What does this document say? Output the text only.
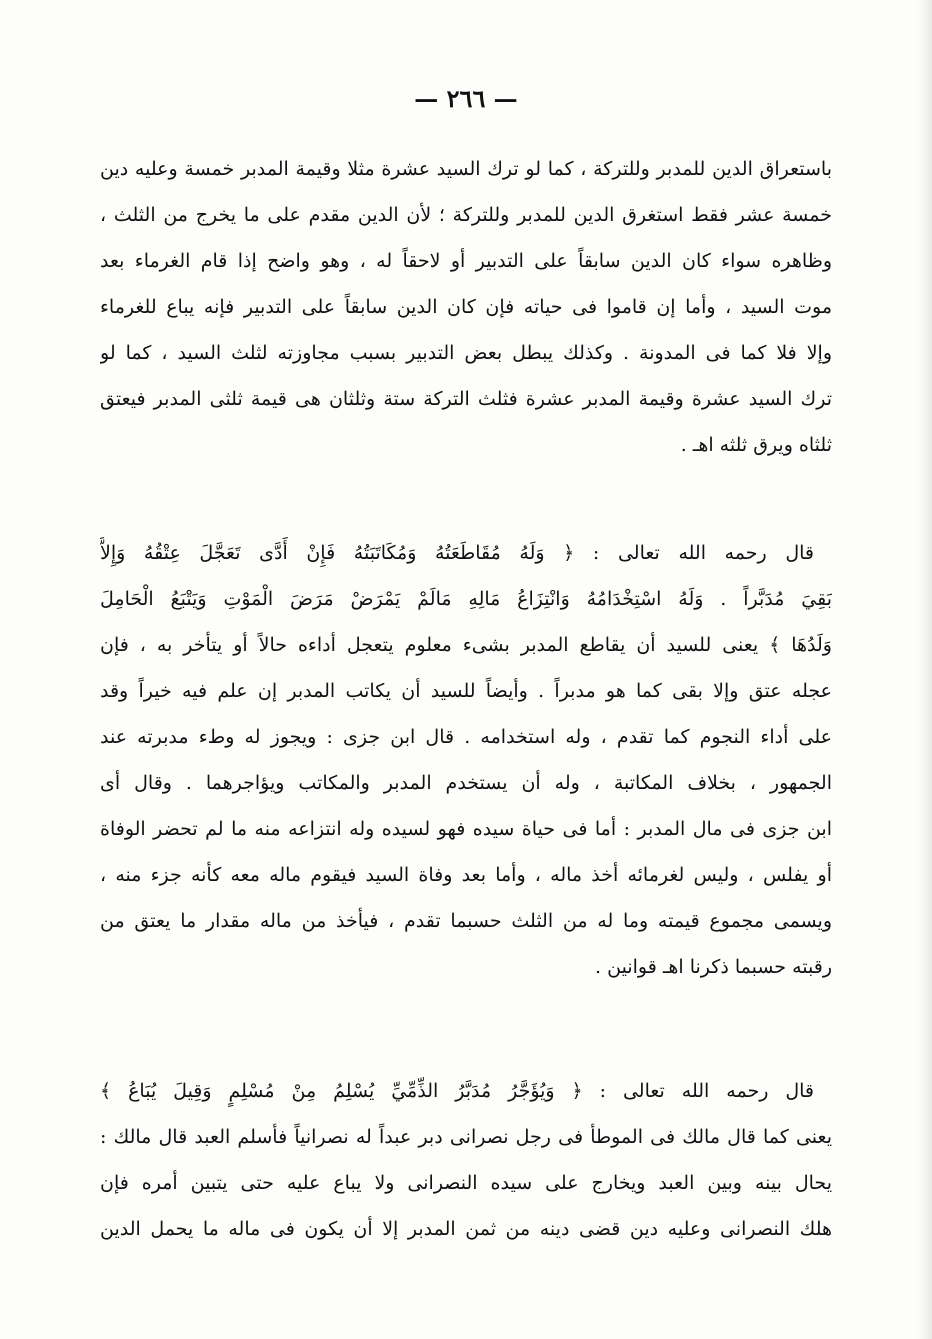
— ٢٦٦ —
باستعراق الدين للمدبر وللتركة ، كما لو ترك السيد عشرة مثلا وقيمة المدبر خمسة وعليه دين
خمسة عشر فقط استغرق الدين للمدبر وللتركة ؛ لأن الدين مقدم على ما يخرج من الثلث ،
وظاهره سواء كان الدين سابقاً على التدبير أو لاحقاً له ، وهو واضح إذا قام الغرماء بعد
موت السيد ، وأما إن قاموا فى حياته فإن كان الدين سابقاً على التدبير فإنه يباع للغرماء
وإلا فلا كما فى المدونة . وكذلك يبطل بعض التدبير بسبب مجاوزته لثلث السيد ، كما لو
ترك السيد عشرة وقيمة المدبر عشرة فثلث التركة ستة وثلثان هى قيمة ثلثى المدبر فيعتق
ثلثاه ويرق ثلثه اهـ .
قال رحمه الله تعالى : ﴿ وَلَهُ مُقَاطَعَتُهُ وَمُكَاتَبَتُهُ فَإِنْ أَدَّى تَعَجَّلَ عِتْقُهُ وَإِلاَّ
بَقِيَ مُدَبَّراً . وَلَهُ اسْتِخْدَامُهُ وَانْتِزَاعُ مَالِهِ مَالَمْ يَمْرَضْ مَرَضَ الْمَوْتِ وَيَتْبَعُ الْحَامِلَ
وَلَدُهَا ﴾ يعنى للسيد أن يقاطع المدبر بشىء معلوم يتعجل أداءه حالاً أو يتأخر به ، فإن
عجله عتق وإلا بقى كما هو مدبراً . وأيضاً للسيد أن يكاتب المدبر إن علم فيه خيراً وقد
على أداء النجوم كما تقدم ، وله استخدامه . قال ابن جزى : ويجوز له وطء مدبرته عند
الجمهور ، بخلاف المكاتبة ، وله أن يستخدم المدبر والمكاتب ويؤاجرهما . وقال أى
ابن جزى فى مال المدبر : أما فى حياة سيده فهو لسيده وله انتزاعه منه ما لم تحضر الوفاة
أو يفلس ، وليس لغرمائه أخذ ماله ، وأما بعد وفاة السيد فيقوم ماله معه كأنه جزء منه ،
ويسمى مجموع قيمته وما له من الثلث حسبما تقدم ، فيأخذ من ماله مقدار ما يعتق من
رقبته حسبما ذكرنا اهـ قوانين .
قال رحمه الله تعالى : ﴿ وَيُؤَجَّرُ مُدَبَّرُ الذِّمِّيِّ يُسْلِمُ مِنْ مُسْلِمٍ وَقِيلَ يُبَاعُ ﴾
يعنى كما قال مالك فى الموطأ فى رجل نصرانى دبر عبداً له نصرانياً فأسلم العبد قال مالك :
يحال بينه وبين العبد ويخارج على سيده النصرانى ولا يباع عليه حتى يتبين أمره فإن
هلك النصرانى وعليه دين قضى دينه من ثمن المدبر إلا أن يكون فى ماله ما يحمل الدين
